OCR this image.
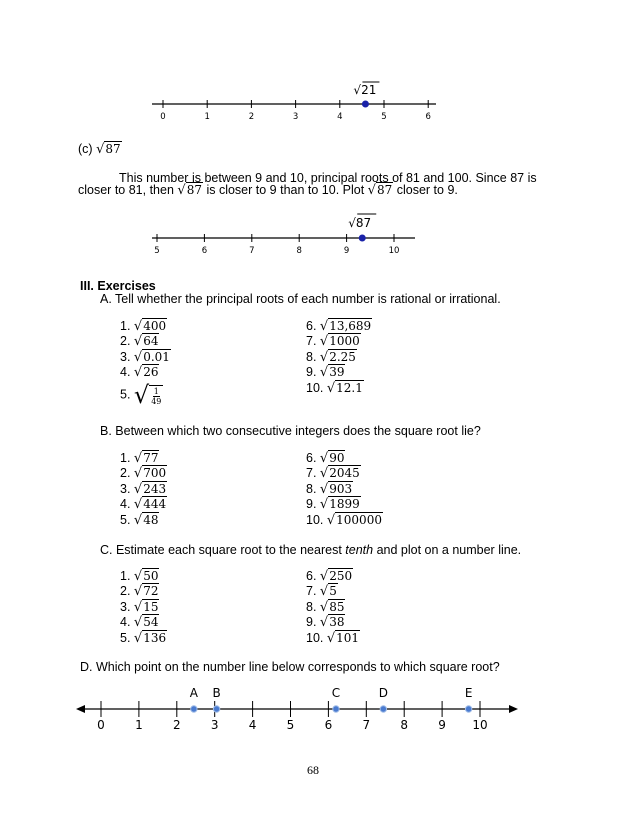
0	1	2	3	4	5	6
√21
5	6	7	8	9	10
√87
0	1	2	3	4	5	6	7	8	9 10
A B	C	D	E
(c) √87
This number is between 9 and 10, principal roots of 81 and 100. Since 87 is
closer to 81, then √87 is closer to 9 than to 10. Plot √87 closer to 9.
III. Exercises
A. Tell whether the principal roots of each number is rational or irrational.
1. √400
2. √64
3. √0.01
4. √26
5. √ $\frac{1}{49}$
6. √13,689
7. √1000
8. √2.25
9. √39
10. √12.1
B. Between which two consecutive integers does the square root lie?
1. √77
2. √700
3. √243
4. √444
5. √48
6. √90
7. √2045
8. √903
9. √1899
10. √100000
C. Estimate each square root to the nearest tenth and plot on a number line.
1. √50
2. √72
3. √15
4. √54
5. √136
6. √250
7. √5
8. √85
9. √38
10. √101
D. Which point on the number line below corresponds to which square root?
68
